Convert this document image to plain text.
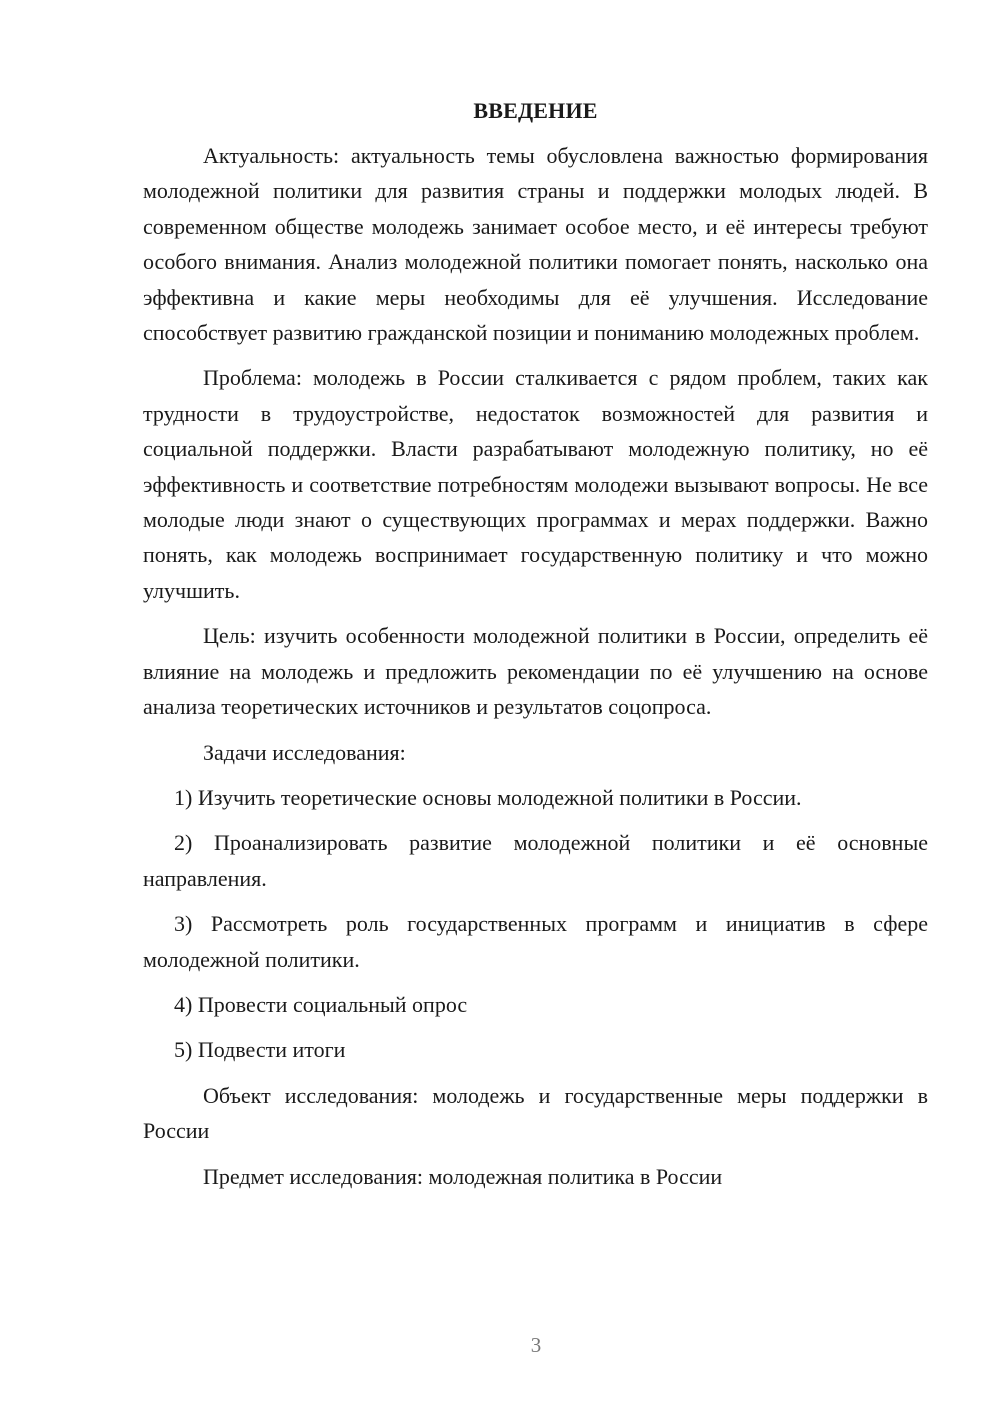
ВВЕДЕНИЕ

Актуальность: актуальность темы обусловлена важностью формирования молодежной политики для развития страны и поддержки молодых людей. В современном обществе молодежь занимает особое место, и её интересы требуют особого внимания. Анализ молодежной политики помогает понять, насколько она эффективна и какие меры необходимы для её улучшения. Исследование способствует развитию гражданской позиции и пониманию молодежных проблем.

Проблема: молодежь в России сталкивается с рядом проблем, таких как трудности в трудоустройстве, недостаток возможностей для развития и социальной поддержки. Власти разрабатывают молодежную политику, но её эффективность и соответствие потребностям молодежи вызывают вопросы. Не все молодые люди знают о существующих программах и мерах поддержки. Важно понять, как молодежь воспринимает государственную политику и что можно улучшить.

Цель: изучить особенности молодежной политики в России, определить её влияние на молодежь и предложить рекомендации по её улучшению на основе анализа теоретических источников и результатов соцопроса.

Задачи исследования:

1) Изучить теоретические основы молодежной политики в России.

2) Проанализировать развитие молодежной политики и её основные направления.

3) Рассмотреть роль государственных программ и инициатив в сфере молодежной политики.

4) Провести социальный опрос

5) Подвести итоги

Объект исследования: молодежь и государственные меры поддержки в России

Предмет исследования: молодежная политика в России

3
